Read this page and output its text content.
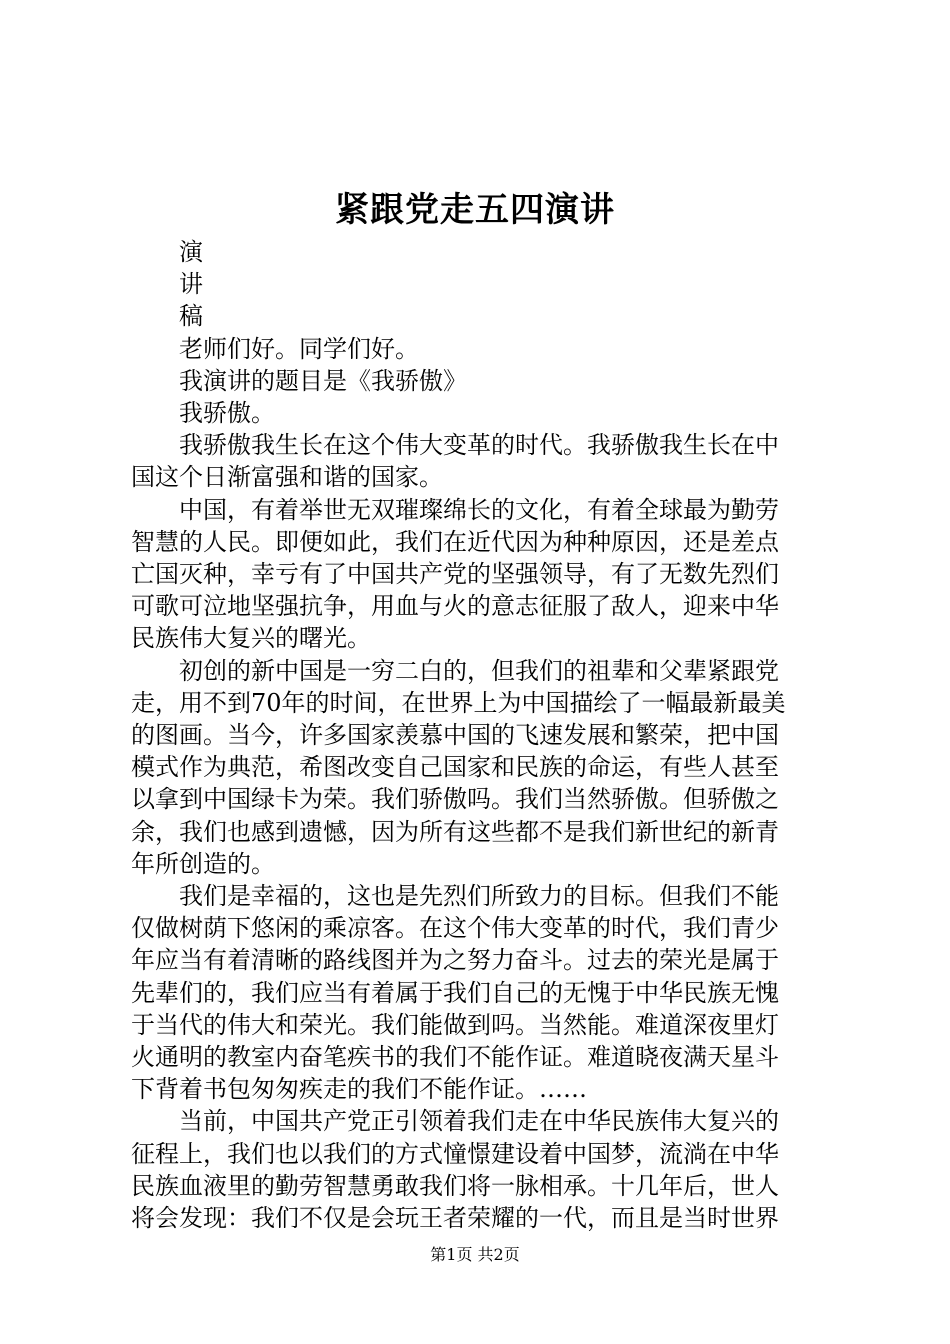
紧跟党走五四演讲

演

讲

稿

老师们好。同学们好。

我演讲的题目是《我骄傲》

我骄傲。

我骄傲我生长在这个伟大变革的时代。我骄傲我生长在中
国这个日渐富强和谐的国家。

中国，有着举世无双璀璨绵长的文化，有着全球最为勤劳
智慧的人民。即便如此，我们在近代因为种种原因，还是差点
亡国灭种，幸亏有了中国共产党的坚强领导，有了无数先烈们
可歌可泣地坚强抗争，用血与火的意志征服了敌人，迎来中华
民族伟大复兴的曙光。

初创的新中国是一穷二白的，但我们的祖辈和父辈紧跟党
走，用不到70年的时间，在世界上为中国描绘了一幅最新最美
的图画。当今，许多国家羡慕中国的飞速发展和繁荣，把中国
模式作为典范，希图改变自己国家和民族的命运，有些人甚至
以拿到中国绿卡为荣。我们骄傲吗。我们当然骄傲。但骄傲之
余，我们也感到遗憾，因为所有这些都不是我们新世纪的新青
年所创造的。

我们是幸福的，这也是先烈们所致力的目标。但我们不能
仅做树荫下悠闲的乘凉客。在这个伟大变革的时代，我们青少
年应当有着清晰的路线图并为之努力奋斗。过去的荣光是属于
先辈们的，我们应当有着属于我们自己的无愧于中华民族无愧
于当代的伟大和荣光。我们能做到吗。当然能。难道深夜里灯
火通明的教室内奋笔疾书的我们不能作证。难道晓夜满天星斗
下背着书包匆匆疾走的我们不能作证。……

当前，中国共产党正引领着我们走在中华民族伟大复兴的
征程上，我们也以我们的方式憧憬建设着中国梦，流淌在中华
民族血液里的勤劳智慧勇敢我们将一脉相承。十几年后，世人
将会发现：我们不仅是会玩王者荣耀的一代，而且是当时世界

第1页 共2页
